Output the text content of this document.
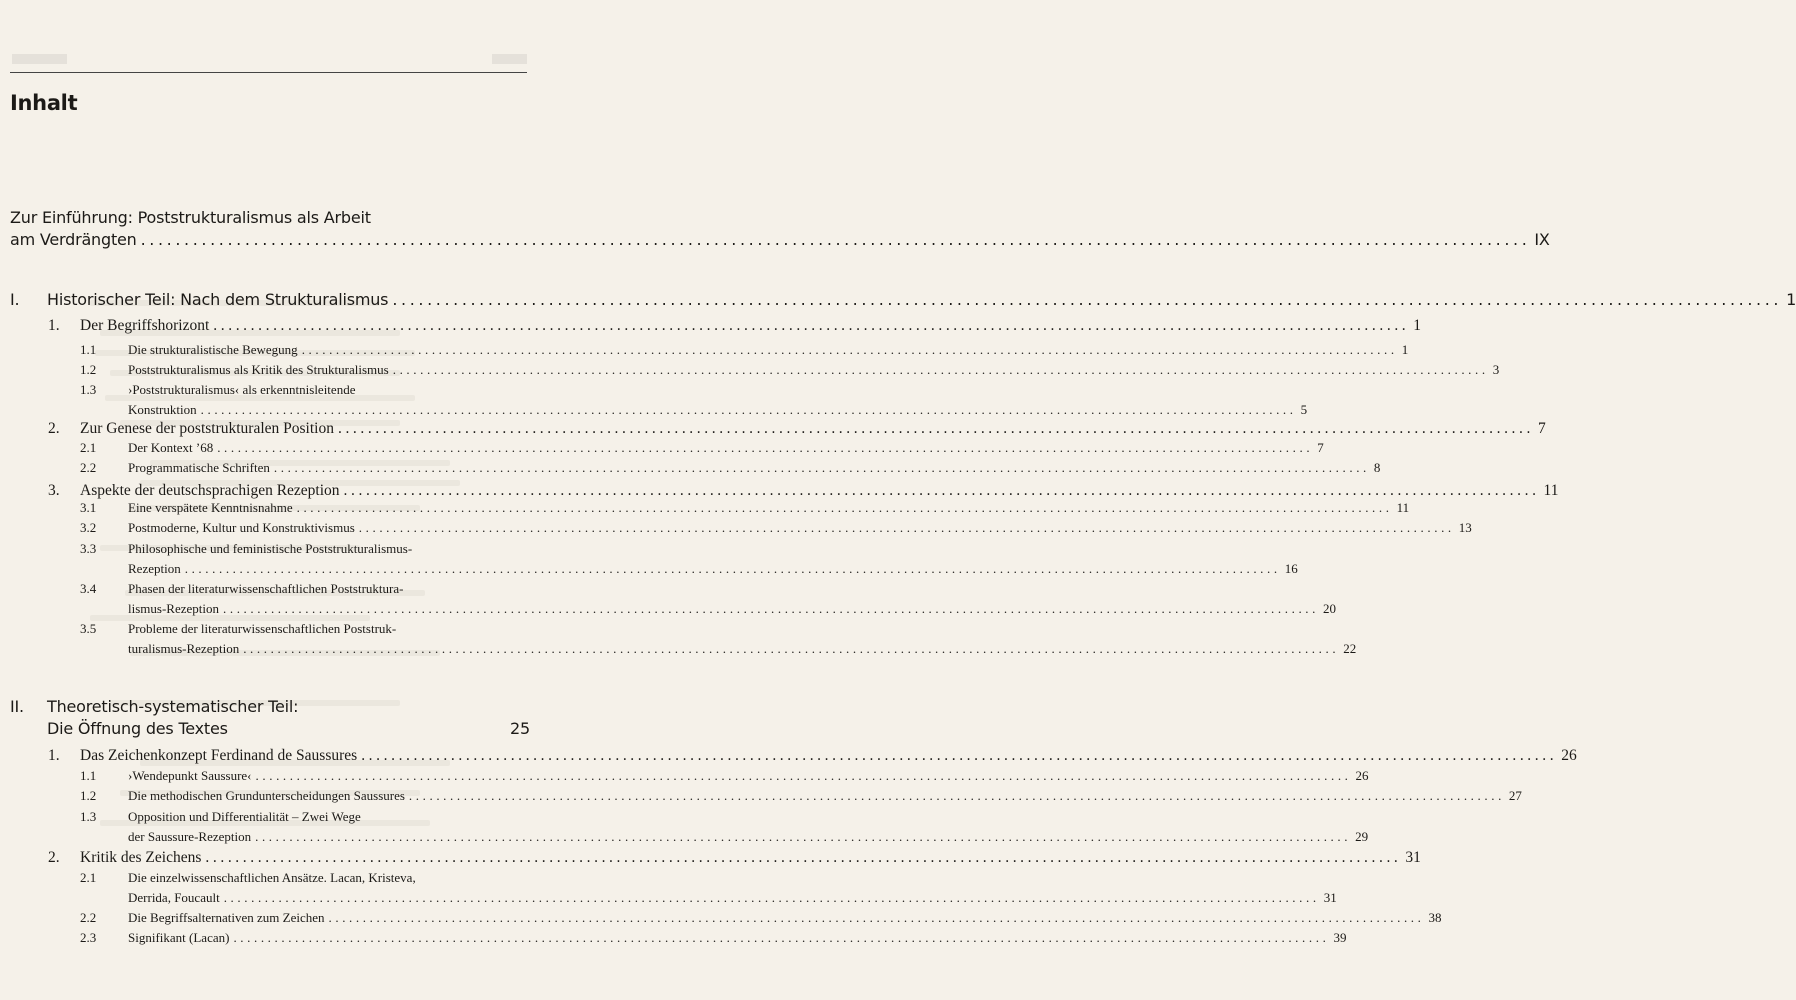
Inhalt
Zur Einführung: Poststrukturalismus als Arbeit
am Verdrängten ................................................................................................................................................................ IX
I.	Historischer Teil: Nach dem Strukturalismus ................................................................................................................................................................ 1
1.	Der Begriffshorizont ................................................................................................................................................................ 1
1.1	Die strukturalistische Bewegung ................................................................................................................................................................ 1
1.2	Poststrukturalismus als Kritik des Strukturalismus ................................................................................................................................................................ 3
1.3	›Poststrukturalismus‹ als erkenntnisleitende
Konstruktion ................................................................................................................................................................ 5
2.	Zur Genese der poststrukturalen Position ................................................................................................................................................................ 7
2.1	Der Kontext ’68 ................................................................................................................................................................ 7
2.2	Programmatische Schriften ................................................................................................................................................................ 8
3.	Aspekte der deutschsprachigen Rezeption ................................................................................................................................................................ 11
3.1	Eine verspätete Kenntnisnahme ................................................................................................................................................................ 11
3.2	Postmoderne, Kultur und Konstruktivismus ................................................................................................................................................................ 13
3.3	Philosophische und feministische Poststrukturalismus-
Rezeption ................................................................................................................................................................ 16
3.4	Phasen der literaturwissenschaftlichen Poststruktura-
lismus-Rezeption ................................................................................................................................................................ 20
3.5	Probleme der literaturwissenschaftlichen Poststruk-
turalismus-Rezeption ................................................................................................................................................................ 22
II.	Theoretisch-systematischer Teil:
Die Öffnung des Textes	25
1.	Das Zeichenkonzept Ferdinand de Saussures ................................................................................................................................................................ 26
1.1	›Wendepunkt Saussure‹ ................................................................................................................................................................ 26
1.2	Die methodischen Grundunterscheidungen Saussures ................................................................................................................................................................ 27
1.3	Opposition und Differentialität – Zwei Wege
der Saussure-Rezeption ................................................................................................................................................................ 29
2.	Kritik des Zeichens ................................................................................................................................................................ 31
2.1	Die einzelwissenschaftlichen Ansätze. Lacan, Kristeva,
Derrida, Foucault ................................................................................................................................................................ 31
2.2	Die Begriffsalternativen zum Zeichen ................................................................................................................................................................ 38
2.3	Signifikant (Lacan) ................................................................................................................................................................ 39
